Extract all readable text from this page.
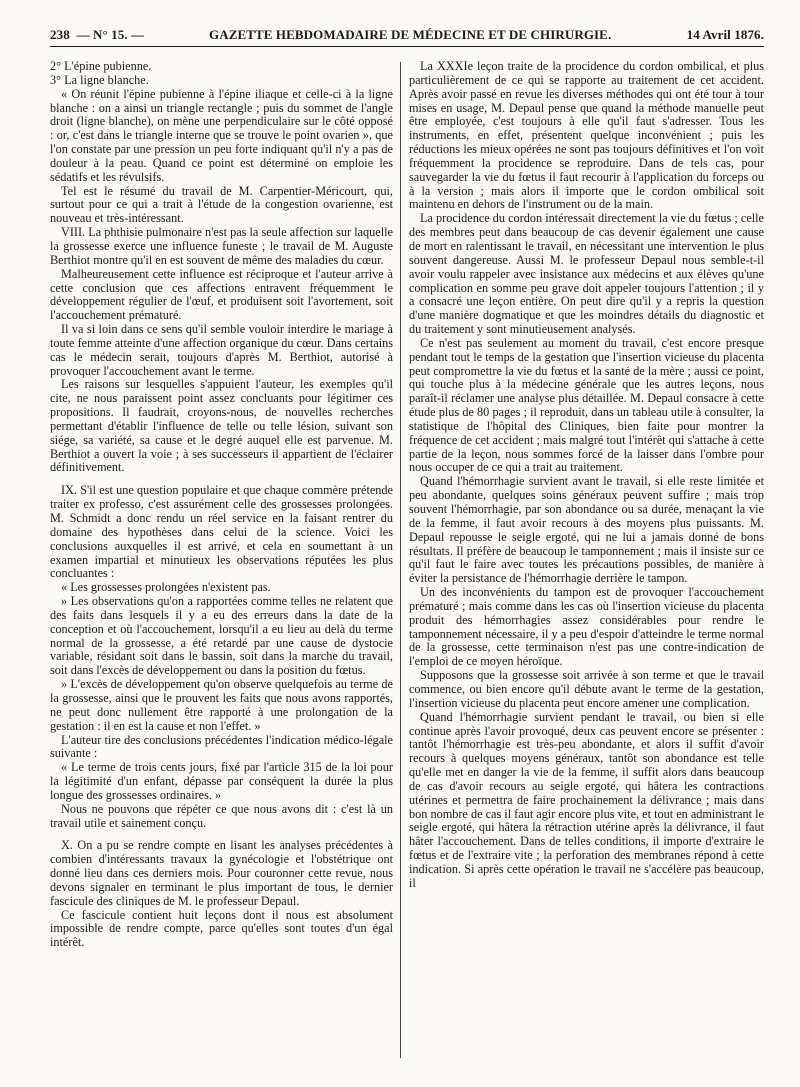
238 — N° 15. —	GAZETTE HEBDOMADAIRE DE MÉDECINE ET DE CHIRURGIE.	14 Avril 1876.

2° L'épine pubienne.

3° La ligne blanche.

« On réunit l'épine pubienne à l'épine iliaque et celle-ci à la ligne blanche : on a ainsi un triangle rectangle ; puis du sommet de l'angle droit (ligne blanche), on mène une perpendiculaire sur le côté opposé : or, c'est dans le triangle interne que se trouve le point ovarien », que l'on constate par une pression un peu forte indiquant qu'il n'y a pas de douleur à la peau. Quand ce point est déterminé on emploie les sédatifs et les révulsifs.

Tel est le résumé du travail de M. Carpentier-Méricourt, qui, surtout pour ce qui a trait à l'étude de la congestion ovarienne, est nouveau et très-intéressant.

VIII. La phthisie pulmonaire n'est pas la seule affection sur laquelle la grossesse exerce une influence funeste ; le travail de M. Auguste Berthiot montre qu'il en est souvent de même des maladies du cœur.

Malheureusement cette influence est réciproque et l'auteur arrive à cette conclusion que ces affections entravent fréquemment le développement régulier de l'œuf, et produisent soit l'avortement, soit l'accouchement prématuré.

Il va si loin dans ce sens qu'il semble vouloir interdire le mariage à toute femme atteinte d'une affection organique du cœur. Dans certains cas le médecin serait, toujours d'après M. Berthiot, autorisé à provoquer l'accouchement avant le terme.

Les raisons sur lesquelles s'appuient l'auteur, les exemples qu'il cite, ne nous paraissent point assez concluants pour légitimer ces propositions. Il faudrait, croyons-nous, de nouvelles recherches permettant d'établir l'influence de telle ou telle lésion, suivant son siége, sa variété, sa cause et le degré auquel elle est parvenue. M. Berthiot a ouvert la voie ; à ses successeurs il appartient de l'éclairer définitivement.

IX. S'il est une question populaire et que chaque commère prétende traiter ex professo, c'est assurément celle des grossesses prolongées. M. Schmidt a donc rendu un réel service en la faisant rentrer du domaine des hypothèses dans celui de la science. Voici les conclusions auxquelles il est arrivé, et cela en soumettant à un examen impartial et minutieux les observations réputées les plus concluantes :

« Les grossesses prolongées n'existent pas.

» Les observations qu'on a rapportées comme telles ne relatent que des faits dans lesquels il y a eu des erreurs dans la date de la conception et où l'accouchement, lorsqu'il a eu lieu au delà du terme normal de la grossesse, a été retardé par une cause de dystocie variable, résidant soit dans le bassin, soit dans la marche du travail, soit dans l'excès de développement ou dans la position du fœtus.

» L'excès de développement qu'on observe quelquefois au terme de la grossesse, ainsi que le prouvent les faits que nous avons rapportés, ne peut donc nullement être rapporté à une prolongation de la gestation : il en est la cause et non l'effet. »

L'auteur tire des conclusions précédentes l'indication médico-légale suivante :

« Le terme de trois cents jours, fixé par l'article 315 de la loi pour la légitimité d'un enfant, dépasse par conséquent la durée la plus longue des grossesses ordinaires. »

Nous ne pouvons que répéter ce que nous avons dit : c'est là un travail utile et sainement conçu.

X. On a pu se rendre compte en lisant les analyses précédentes à combien d'intéressants travaux la gynécologie et l'obstétrique ont donné lieu dans ces derniers mois. Pour couronner cette revue, nous devons signaler en terminant le plus important de tous, le dernier fascicule des cliniques de M. le professeur Depaul.

Ce fascicule contient huit leçons dont il nous est absolument impossible de rendre compte, parce qu'elles sont toutes d'un égal intérêt.

La XXXIe leçon traite de la procidence du cordon ombilical, et plus particulièrement de ce qui se rapporte au traitement de cet accident. Après avoir passé en revue les diverses méthodes qui ont été tour à tour mises en usage, M. Depaul pense que quand la méthode manuelle peut être employée, c'est toujours à elle qu'il faut s'adresser. Tous les instruments, en effet, présentent quelque inconvénient ; puis les réductions les mieux opérées ne sont pas toujours définitives et l'on voit fréquemment la procidence se reproduire. Dans de tels cas, pour sauvegarder la vie du fœtus il faut recourir à l'application du forceps ou à la version ; mais alors il importe que le cordon ombilical soit maintenu en dehors de l'instrument ou de la main.

La procidence du cordon intéressait directement la vie du fœtus ; celle des membres peut dans beaucoup de cas devenir également une cause de mort en ralentissant le travail, en nécessitant une intervention le plus souvent dangereuse. Aussi M. le professeur Depaul nous semble-t-il avoir voulu rappeler avec insistance aux médecins et aux élèves qu'une complication en somme peu grave doit appeler toujours l'attention ; il y a consacré une leçon entière. On peut dire qu'il y a repris la question d'une manière dogmatique et que les moindres détails du diagnostic et du traitement y sont minutieusement analysés.

Ce n'est pas seulement au moment du travail, c'est encore presque pendant tout le temps de la gestation que l'insertion vicieuse du placenta peut compromettre la vie du fœtus et la santé de la mère ; aussi ce point, qui touche plus à la médecine générale que les autres leçons, nous paraît-il réclamer une analyse plus détaillée. M. Depaul consacre à cette étude plus de 80 pages ; il reproduit, dans un tableau utile à consulter, la statistique de l'hôpital des Cliniques, bien faite pour montrer la fréquence de cet accident ; mais malgré tout l'intérêt qui s'attache à cette partie de la leçon, nous sommes forcé de la laisser dans l'ombre pour nous occuper de ce qui a trait au traitement.

Quand l'hémorrhagie survient avant le travail, si elle reste limitée et peu abondante, quelques soins généraux peuvent suffire ; mais trop souvent l'hémorrhagie, par son abondance ou sa durée, menaçant la vie de la femme, il faut avoir recours à des moyens plus puissants. M. Depaul repousse le seigle ergoté, qui ne lui a jamais donné de bons résultats. Il préfère de beaucoup le tamponnement ; mais il insiste sur ce qu'il faut le faire avec toutes les précautions possibles, de manière à éviter la persistance de l'hémorrhagie derrière le tampon.

Un des inconvénients du tampon est de provoquer l'accouchement prématuré ; mais comme dans les cas où l'insertion vicieuse du placenta produit des hémorrhagies assez considérables pour rendre le tamponnement nécessaire, il y a peu d'espoir d'atteindre le terme normal de la grossesse, cette terminaison n'est pas une contre-indication de l'emploi de ce moyen héroïque.

Supposons que la grossesse soit arrivée à son terme et que le travail commence, ou bien encore qu'il débute avant le terme de la gestation, l'insertion vicieuse du placenta peut encore amener une complication.

Quand l'hémorrhagie survient pendant le travail, ou bien si elle continue après l'avoir provoqué, deux cas peuvent encore se présenter : tantôt l'hémorrhagie est très-peu abondante, et alors il suffit d'avoir recours à quelques moyens généraux, tantôt son abondance est telle qu'elle met en danger la vie de la femme, il suffit alors dans beaucoup de cas d'avoir recours au seigle ergoté, qui hâtera les contractions utérines et permettra de faire prochainement la délivrance ; mais dans bon nombre de cas il faut agir encore plus vite, et tout en administrant le seigle ergoté, qui hâtera la rétraction utérine après la délivrance, il faut hâter l'accouchement. Dans de telles conditions, il importe d'extraire le fœtus et de l'extraire vite ; la perforation des membranes répond à cette indication. Si après cette opération le travail ne s'accélère pas beaucoup, il
